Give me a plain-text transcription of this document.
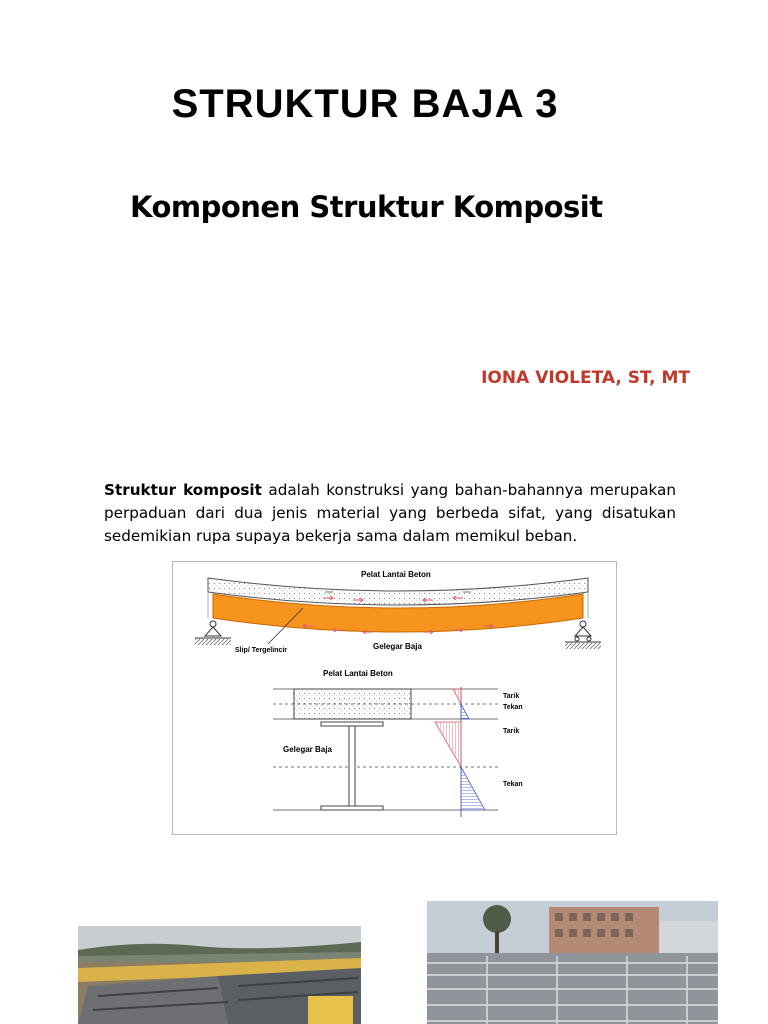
STRUKTUR BAJA 3
Komponen Struktur Komposit
IONA VIOLETA, ST, MT
Struktur komposit adalah konstruksi yang bahan-bahannya merupakan perpaduan dari dua jenis material yang berbeda sifat, yang disatukan sedemikian rupa supaya bekerja sama dalam memikul beban.
Pelat Lantai Beton
Gelegar Baja
Slip/ Tergelincir
Pelat Lantai Beton
Gelegar Baja
Tarik
Tekan
Tarik
Tekan
